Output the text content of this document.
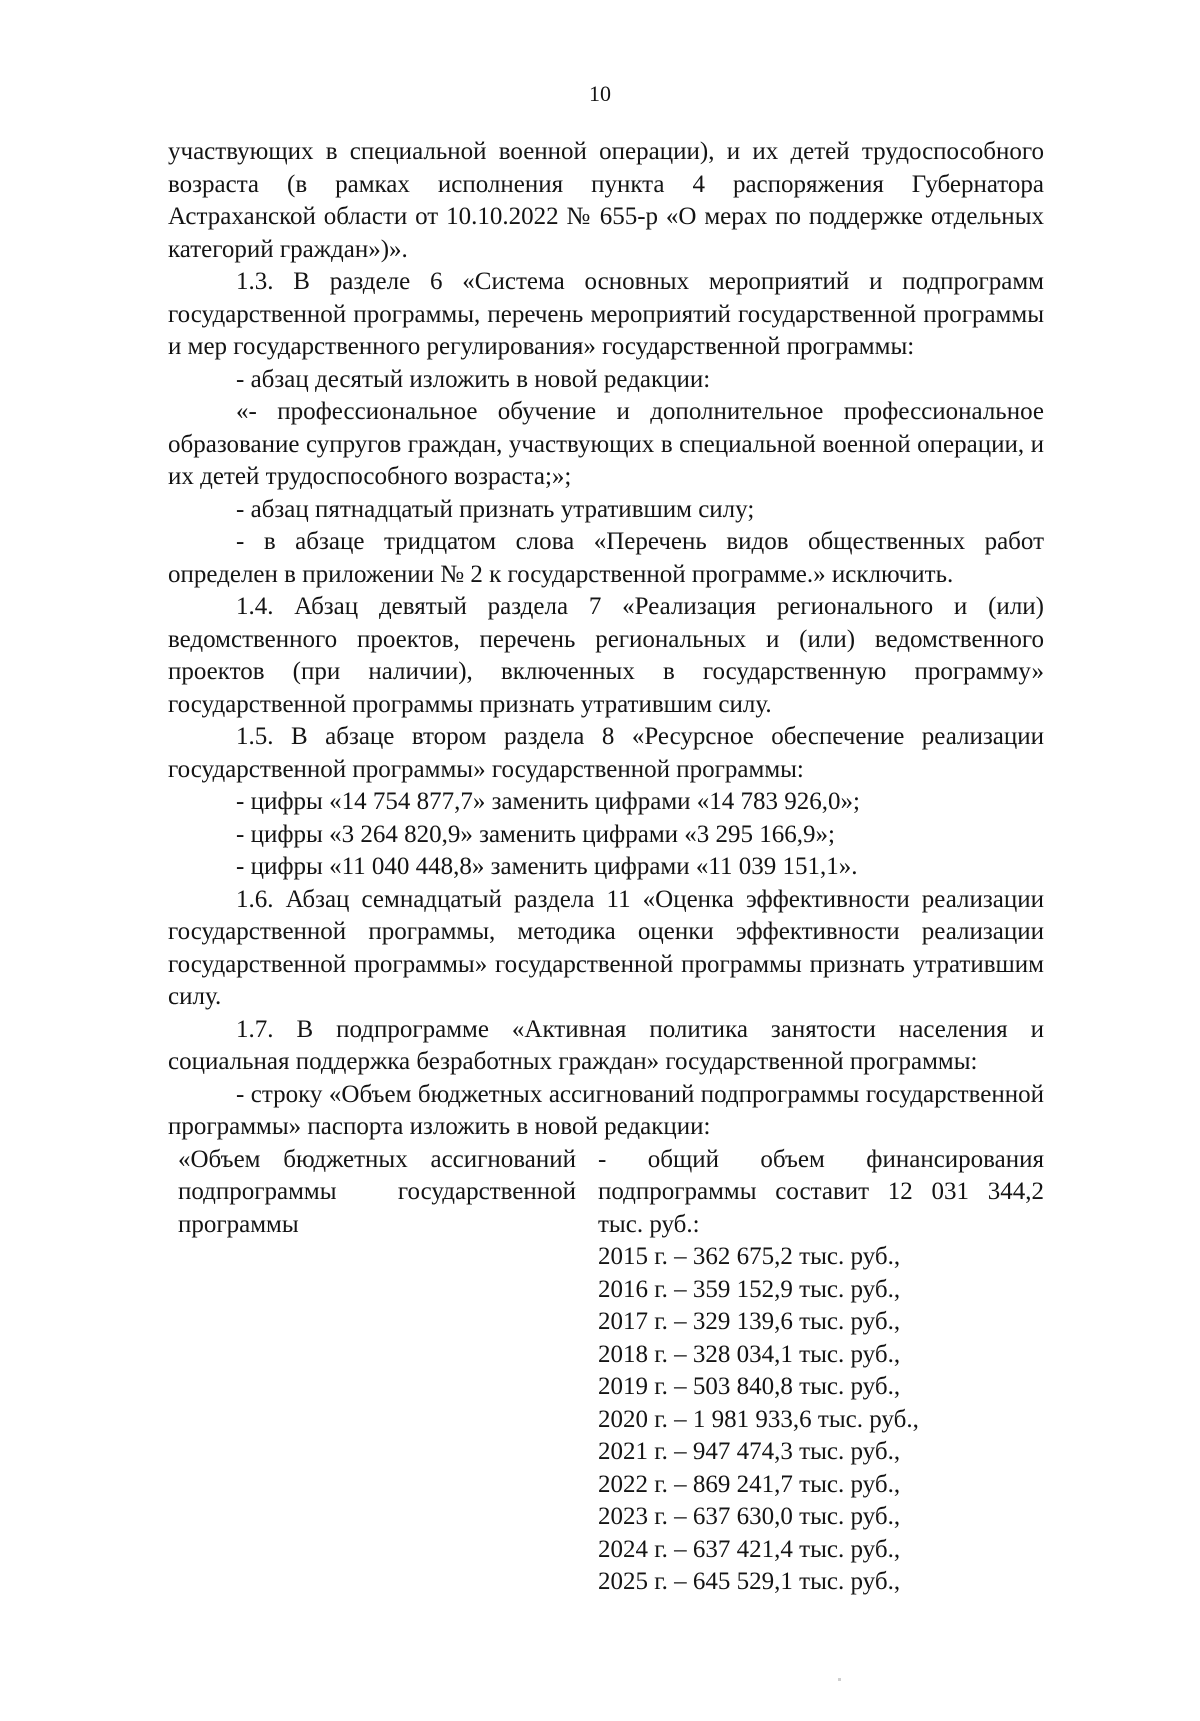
10

участвующих в специальной военной операции), и их детей трудоспособного возраста (в рамках исполнения пункта 4 распоряжения Губернатора Астраханской области от 10.10.2022 № 655-р «О мерах по поддержке отдельных категорий граждан»)».

1.3. В разделе 6 «Система основных мероприятий и подпрограмм государственной программы, перечень мероприятий государственной программы и мер государственного регулирования» государственной программы:

- абзац десятый изложить в новой редакции:

«- профессиональное обучение и дополнительное профессиональное образование супругов граждан, участвующих в специальной военной операции, и их детей трудоспособного возраста;»;

- абзац пятнадцатый признать утратившим силу;

- в абзаце тридцатом слова «Перечень видов общественных работ определен в приложении № 2 к государственной программе.» исключить.

1.4. Абзац девятый раздела 7 «Реализация регионального и (или) ведомственного проектов, перечень региональных и (или) ведомственного проектов (при наличии), включенных в государственную программу» государственной программы признать утратившим силу.

1.5. В абзаце втором раздела 8 «Ресурсное обеспечение реализации государственной программы» государственной программы:

- цифры «14 754 877,7» заменить цифрами «14 783 926,0»;

- цифры «3 264 820,9» заменить цифрами «3 295 166,9»;

- цифры «11 040 448,8» заменить цифрами «11 039 151,1».

1.6. Абзац семнадцатый раздела 11 «Оценка эффективности реализации государственной программы, методика оценки эффективности реализации государственной программы» государственной программы признать утратившим силу.

1.7. В подпрограмме «Активная политика занятости населения и социальная поддержка безработных граждан» государственной программы:

- строку «Объем бюджетных ассигнований подпрограммы государственной программы» паспорта изложить в новой редакции:

«Объем бюджетных ассигнований подпрограммы государственной программы
- общий объем финансирования подпрограммы составит 12 031 344,2 тыс. руб.:
2015 г. – 362 675,2 тыс. руб.,
2016 г. – 359 152,9 тыс. руб.,
2017 г. – 329 139,6 тыс. руб.,
2018 г. – 328 034,1 тыс. руб.,
2019 г. – 503 840,8 тыс. руб.,
2020 г. – 1 981 933,6 тыс. руб.,
2021 г. – 947 474,3 тыс. руб.,
2022 г. – 869 241,7 тыс. руб.,
2023 г. – 637 630,0 тыс. руб.,
2024 г. – 637 421,4 тыс. руб.,
2025 г. – 645 529,1 тыс. руб.,
